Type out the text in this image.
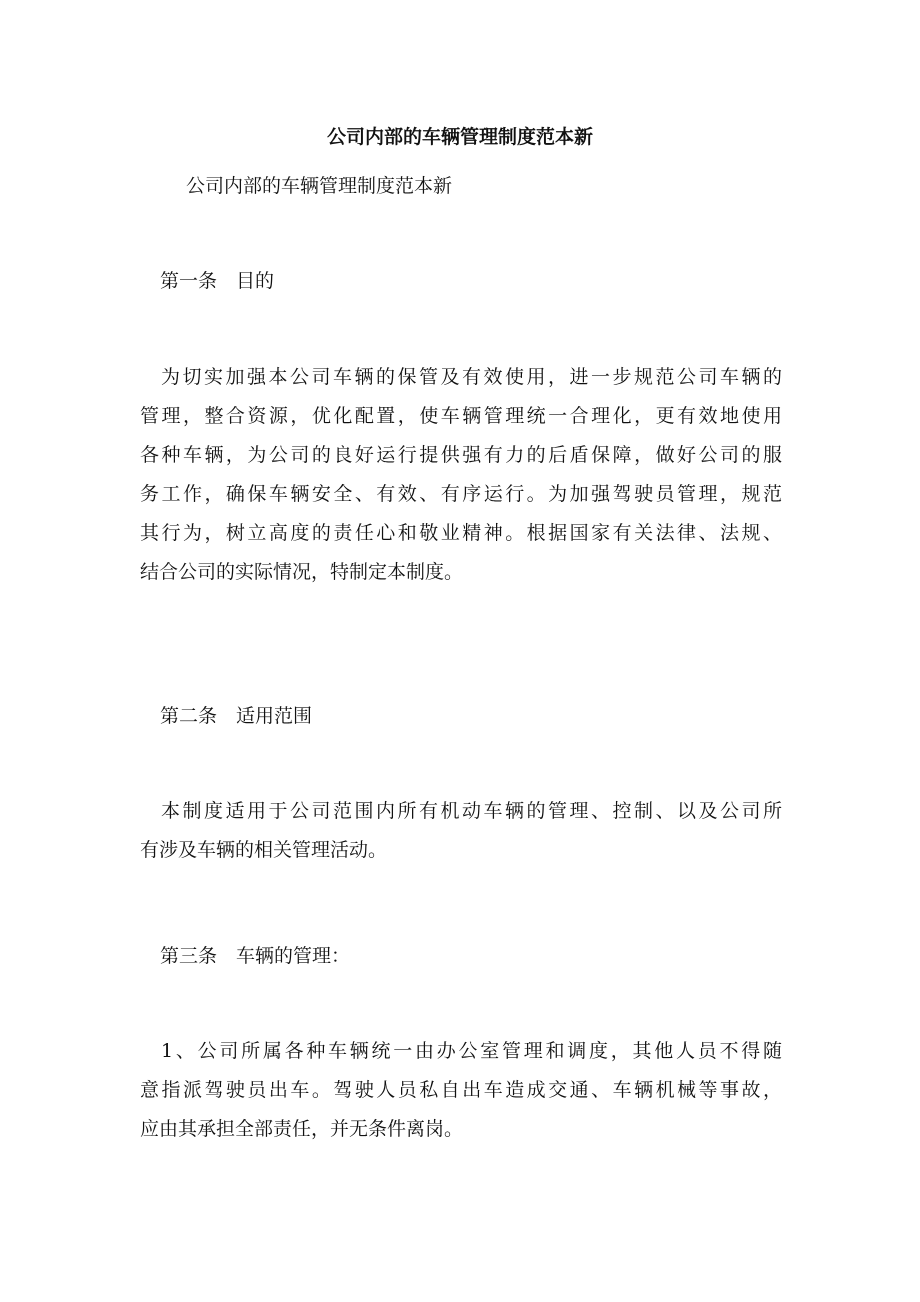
公司内部的车辆管理制度范本新
公司内部的车辆管理制度范本新
第一条　目的
为切实加强本公司车辆的保管及有效使用，进一步规范公司车辆的
管理，整合资源，优化配置，使车辆管理统一合理化，更有效地使用
各种车辆，为公司的良好运行提供强有力的后盾保障，做好公司的服
务工作，确保车辆安全、有效、有序运行。为加强驾驶员管理，规范
其行为，树立高度的责任心和敬业精神。根据国家有关法律、法规、
结合公司的实际情况，特制定本制度。
第二条　适用范围
本制度适用于公司范围内所有机动车辆的管理、控制、以及公司所
有涉及车辆的相关管理活动。
第三条　车辆的管理：
1、公司所属各种车辆统一由办公室管理和调度，其他人员不得随
意指派驾驶员出车。驾驶人员私自出车造成交通、车辆机械等事故，
应由其承担全部责任，并无条件离岗。
